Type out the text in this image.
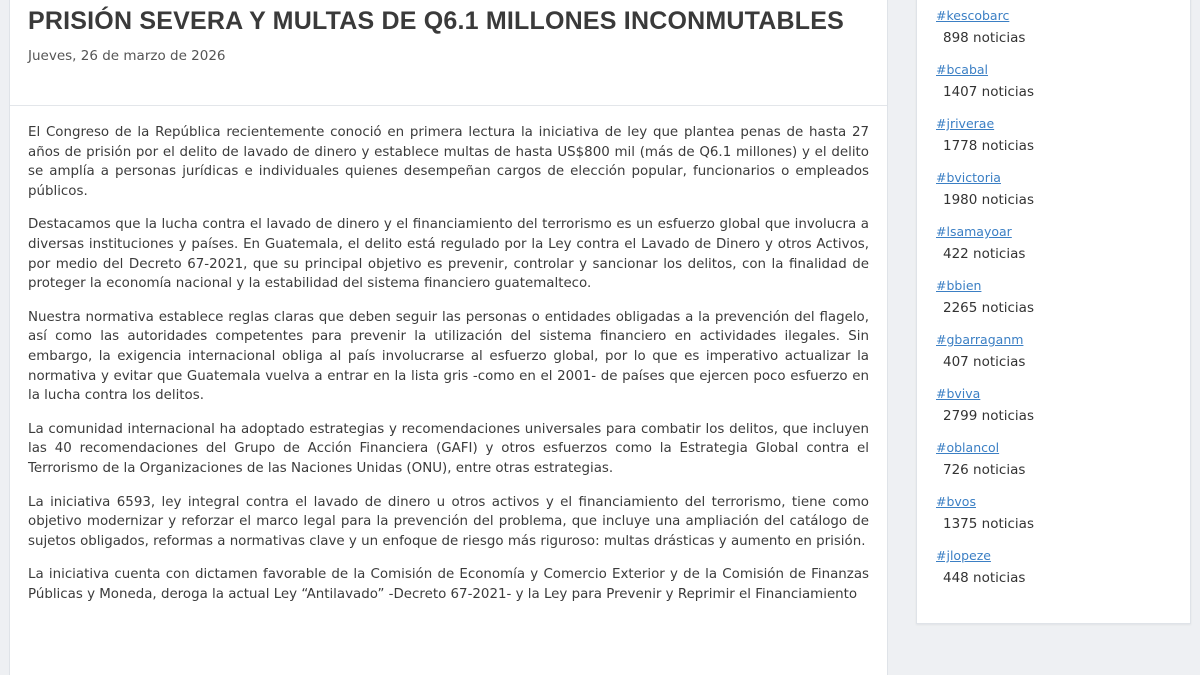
PRISIÓN SEVERA Y MULTAS DE Q6.1 MILLONES INCONMUTABLES
Jueves, 26 de marzo de 2026

El Congreso de la República recientemente conoció en primera lectura la iniciativa de ley que plantea penas de hasta 27 años de prisión por el delito de lavado de dinero y establece multas de hasta US$800 mil (más de Q6.1 millones) y el delito se amplía a personas jurídicas e individuales quienes desempeñan cargos de elección popular, funcionarios o empleados públicos.

Destacamos que la lucha contra el lavado de dinero y el financiamiento del terrorismo es un esfuerzo global que involucra a diversas instituciones y países. En Guatemala, el delito está regulado por la Ley contra el Lavado de Dinero y otros Activos, por medio del Decreto 67-2021, que su principal objetivo es prevenir, controlar y sancionar los delitos, con la finalidad de proteger la economía nacional y la estabilidad del sistema financiero guatemalteco.

Nuestra normativa establece reglas claras que deben seguir las personas o entidades obligadas a la prevención del flagelo, así como las autoridades competentes para prevenir la utilización del sistema financiero en actividades ilegales. Sin embargo, la exigencia internacional obliga al país involucrarse al esfuerzo global, por lo que es imperativo actualizar la normativa y evitar que Guatemala vuelva a entrar en la lista gris -como en el 2001- de países que ejercen poco esfuerzo en la lucha contra los delitos.

La comunidad internacional ha adoptado estrategias y recomendaciones universales para combatir los delitos, que incluyen las 40 recomendaciones del Grupo de Acción Financiera (GAFI) y otros esfuerzos como la Estrategia Global contra el Terrorismo de la Organizaciones de las Naciones Unidas (ONU), entre otras estrategias.

La iniciativa 6593, ley integral contra el lavado de dinero u otros activos y el financiamiento del terrorismo, tiene como objetivo modernizar y reforzar el marco legal para la prevención del problema, que incluye una ampliación del catálogo de sujetos obligados, reformas a normativas clave y un enfoque de riesgo más riguroso: multas drásticas y aumento en prisión.

La iniciativa cuenta con dictamen favorable de la Comisión de Economía y Comercio Exterior y de la Comisión de Finanzas Públicas y Moneda, deroga la actual Ley “Antilavado” -Decreto 67-2021- y la Ley para Prevenir y Reprimir el Financiamiento

#kescobarc
898 noticias
#bcabal
1407 noticias
#jriverae
1778 noticias
#bvictoria
1980 noticias
#lsamayoar
422 noticias
#bbien
2265 noticias
#gbarraganm
407 noticias
#bviva
2799 noticias
#oblancol
726 noticias
#bvos
1375 noticias
#jlopeze
448 noticias
